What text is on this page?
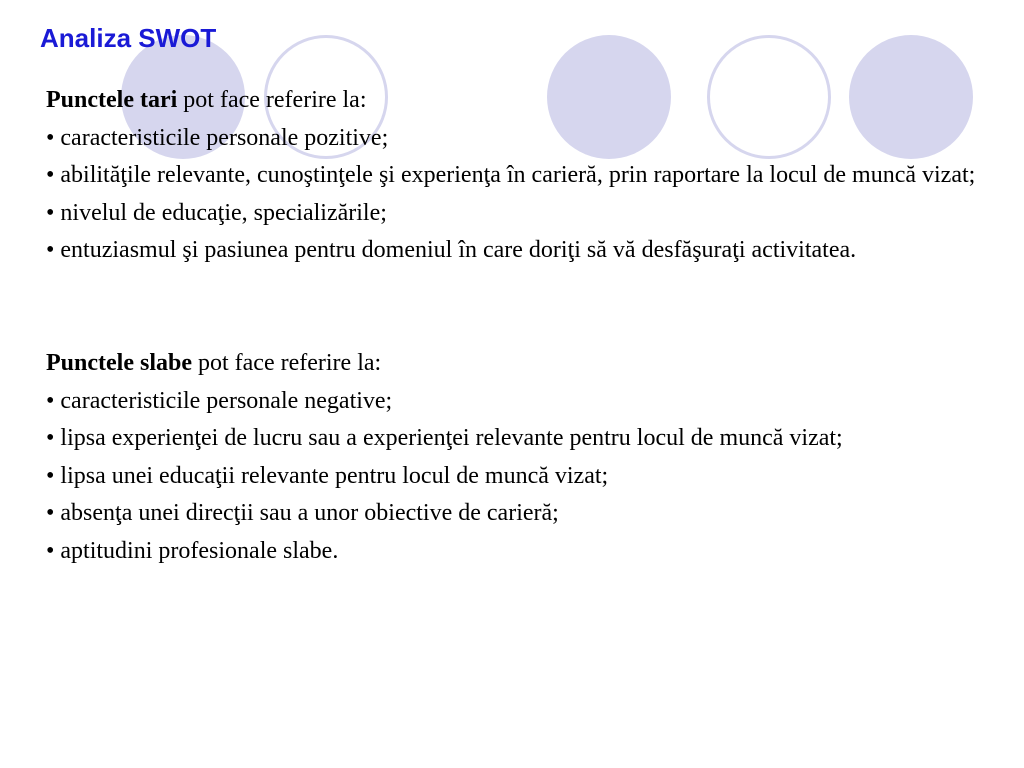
Analiza SWOT

Punctele tari pot face referire la:

• caracteristicile personale pozitive;

• abilităţile relevante, cunoştinţele şi experienţa în carieră, prin raportare la locul de muncă vizat;

• nivelul de educaţie, specializările;

• entuziasmul şi pasiunea pentru domeniul în care doriţi să vă desfăşuraţi activitatea.

Punctele slabe pot face referire la:

• caracteristicile personale negative;

• lipsa experienţei de lucru sau a experienţei relevante pentru locul de muncă vizat;

• lipsa unei educaţii relevante pentru locul de muncă vizat;

• absenţa unei direcţii sau a unor obiective de carieră;

• aptitudini profesionale slabe.
